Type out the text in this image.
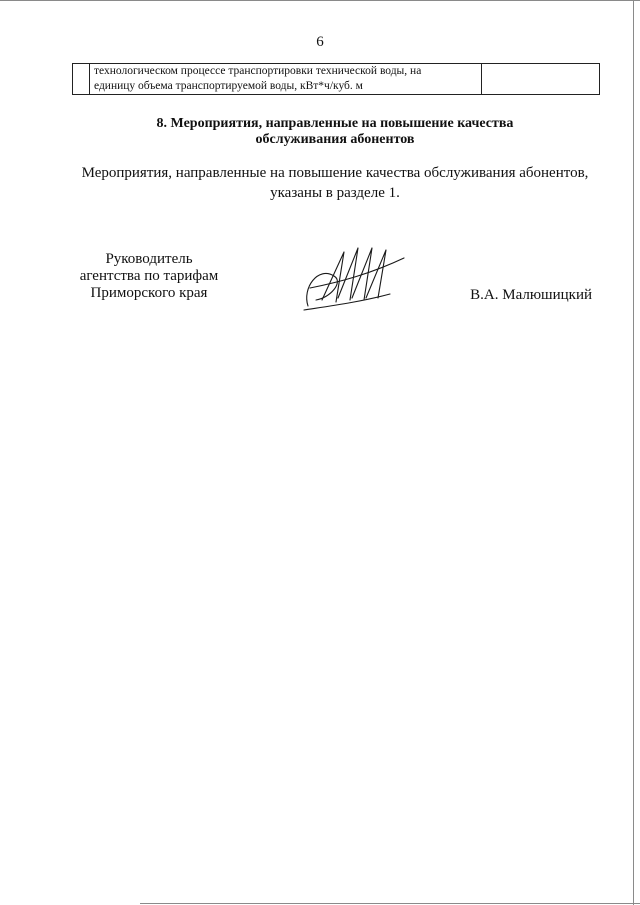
6

технологическом процессе транспортировки технической воды, на
единицу объема транспортируемой воды, кВт*ч/куб. м

8. Мероприятия, направленные на повышение качества
обслуживания абонентов
Мероприятия, направленные на повышение качества обслуживания абонентов,
указаны в разделе 1.
Руководитель
агентства по тарифам
Приморского края	В.А. Малюшицкий
